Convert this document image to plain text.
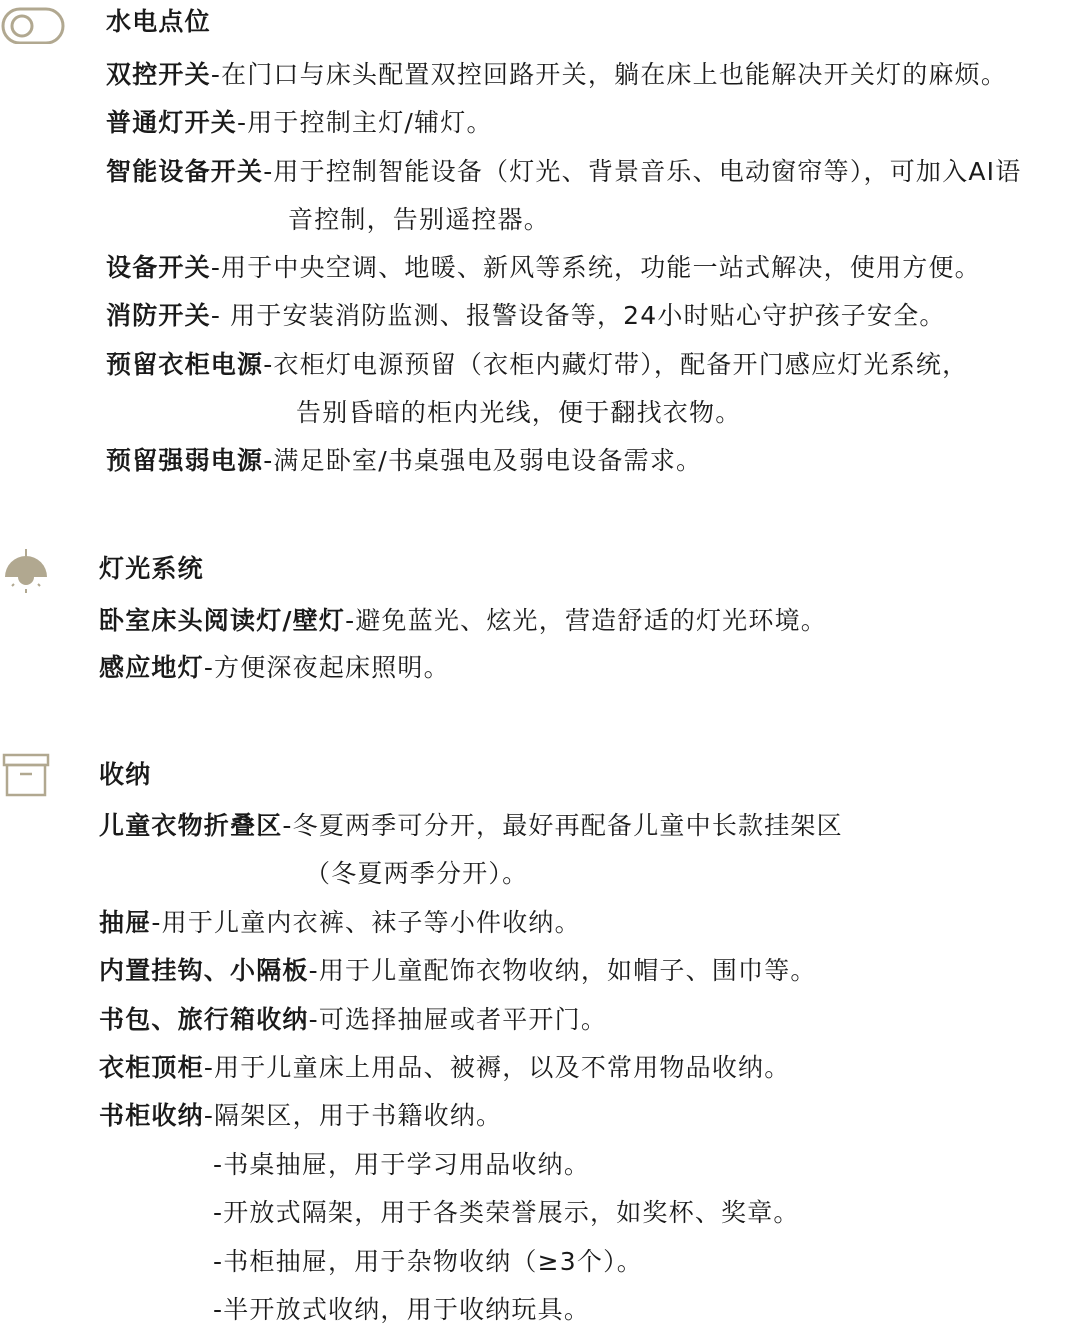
水电点位
双控开关-在门口与床头配置双控回路开关，躺在床上也能解决开关灯的麻烦。
普通灯开关-用于控制主灯/辅灯。
智能设备开关-用于控制智能设备（灯光、背景音乐、电动窗帘等），可加入AI语
音控制，告别遥控器。
设备开关-用于中央空调、地暖、新风等系统，功能一站式解决，使用方便。
消防开关- 用于安装消防监测、报警设备等，24小时贴心守护孩子安全。
预留衣柜电源-衣柜灯电源预留（衣柜内藏灯带），配备开门感应灯光系统，
告别昏暗的柜内光线，便于翻找衣物。
预留强弱电源-满足卧室/书桌强电及弱电设备需求。
灯光系统
卧室床头阅读灯/壁灯-避免蓝光、炫光，营造舒适的灯光环境。
感应地灯-方便深夜起床照明。
收纳
儿童衣物折叠区-冬夏两季可分开，最好再配备儿童中长款挂架区
（冬夏两季分开）。
抽屉-用于儿童内衣裤、袜子等小件收纳。
内置挂钩、小隔板-用于儿童配饰衣物收纳，如帽子、围巾等。
书包、旅行箱收纳-可选择抽屉或者平开门。
衣柜顶柜-用于儿童床上用品、被褥，以及不常用物品收纳。
书柜收纳-隔架区，用于书籍收纳。
-书桌抽屉，用于学习用品收纳。
-开放式隔架，用于各类荣誉展示，如奖杯、奖章。
-书柜抽屉，用于杂物收纳（≥3个）。
-半开放式收纳，用于收纳玩具。
